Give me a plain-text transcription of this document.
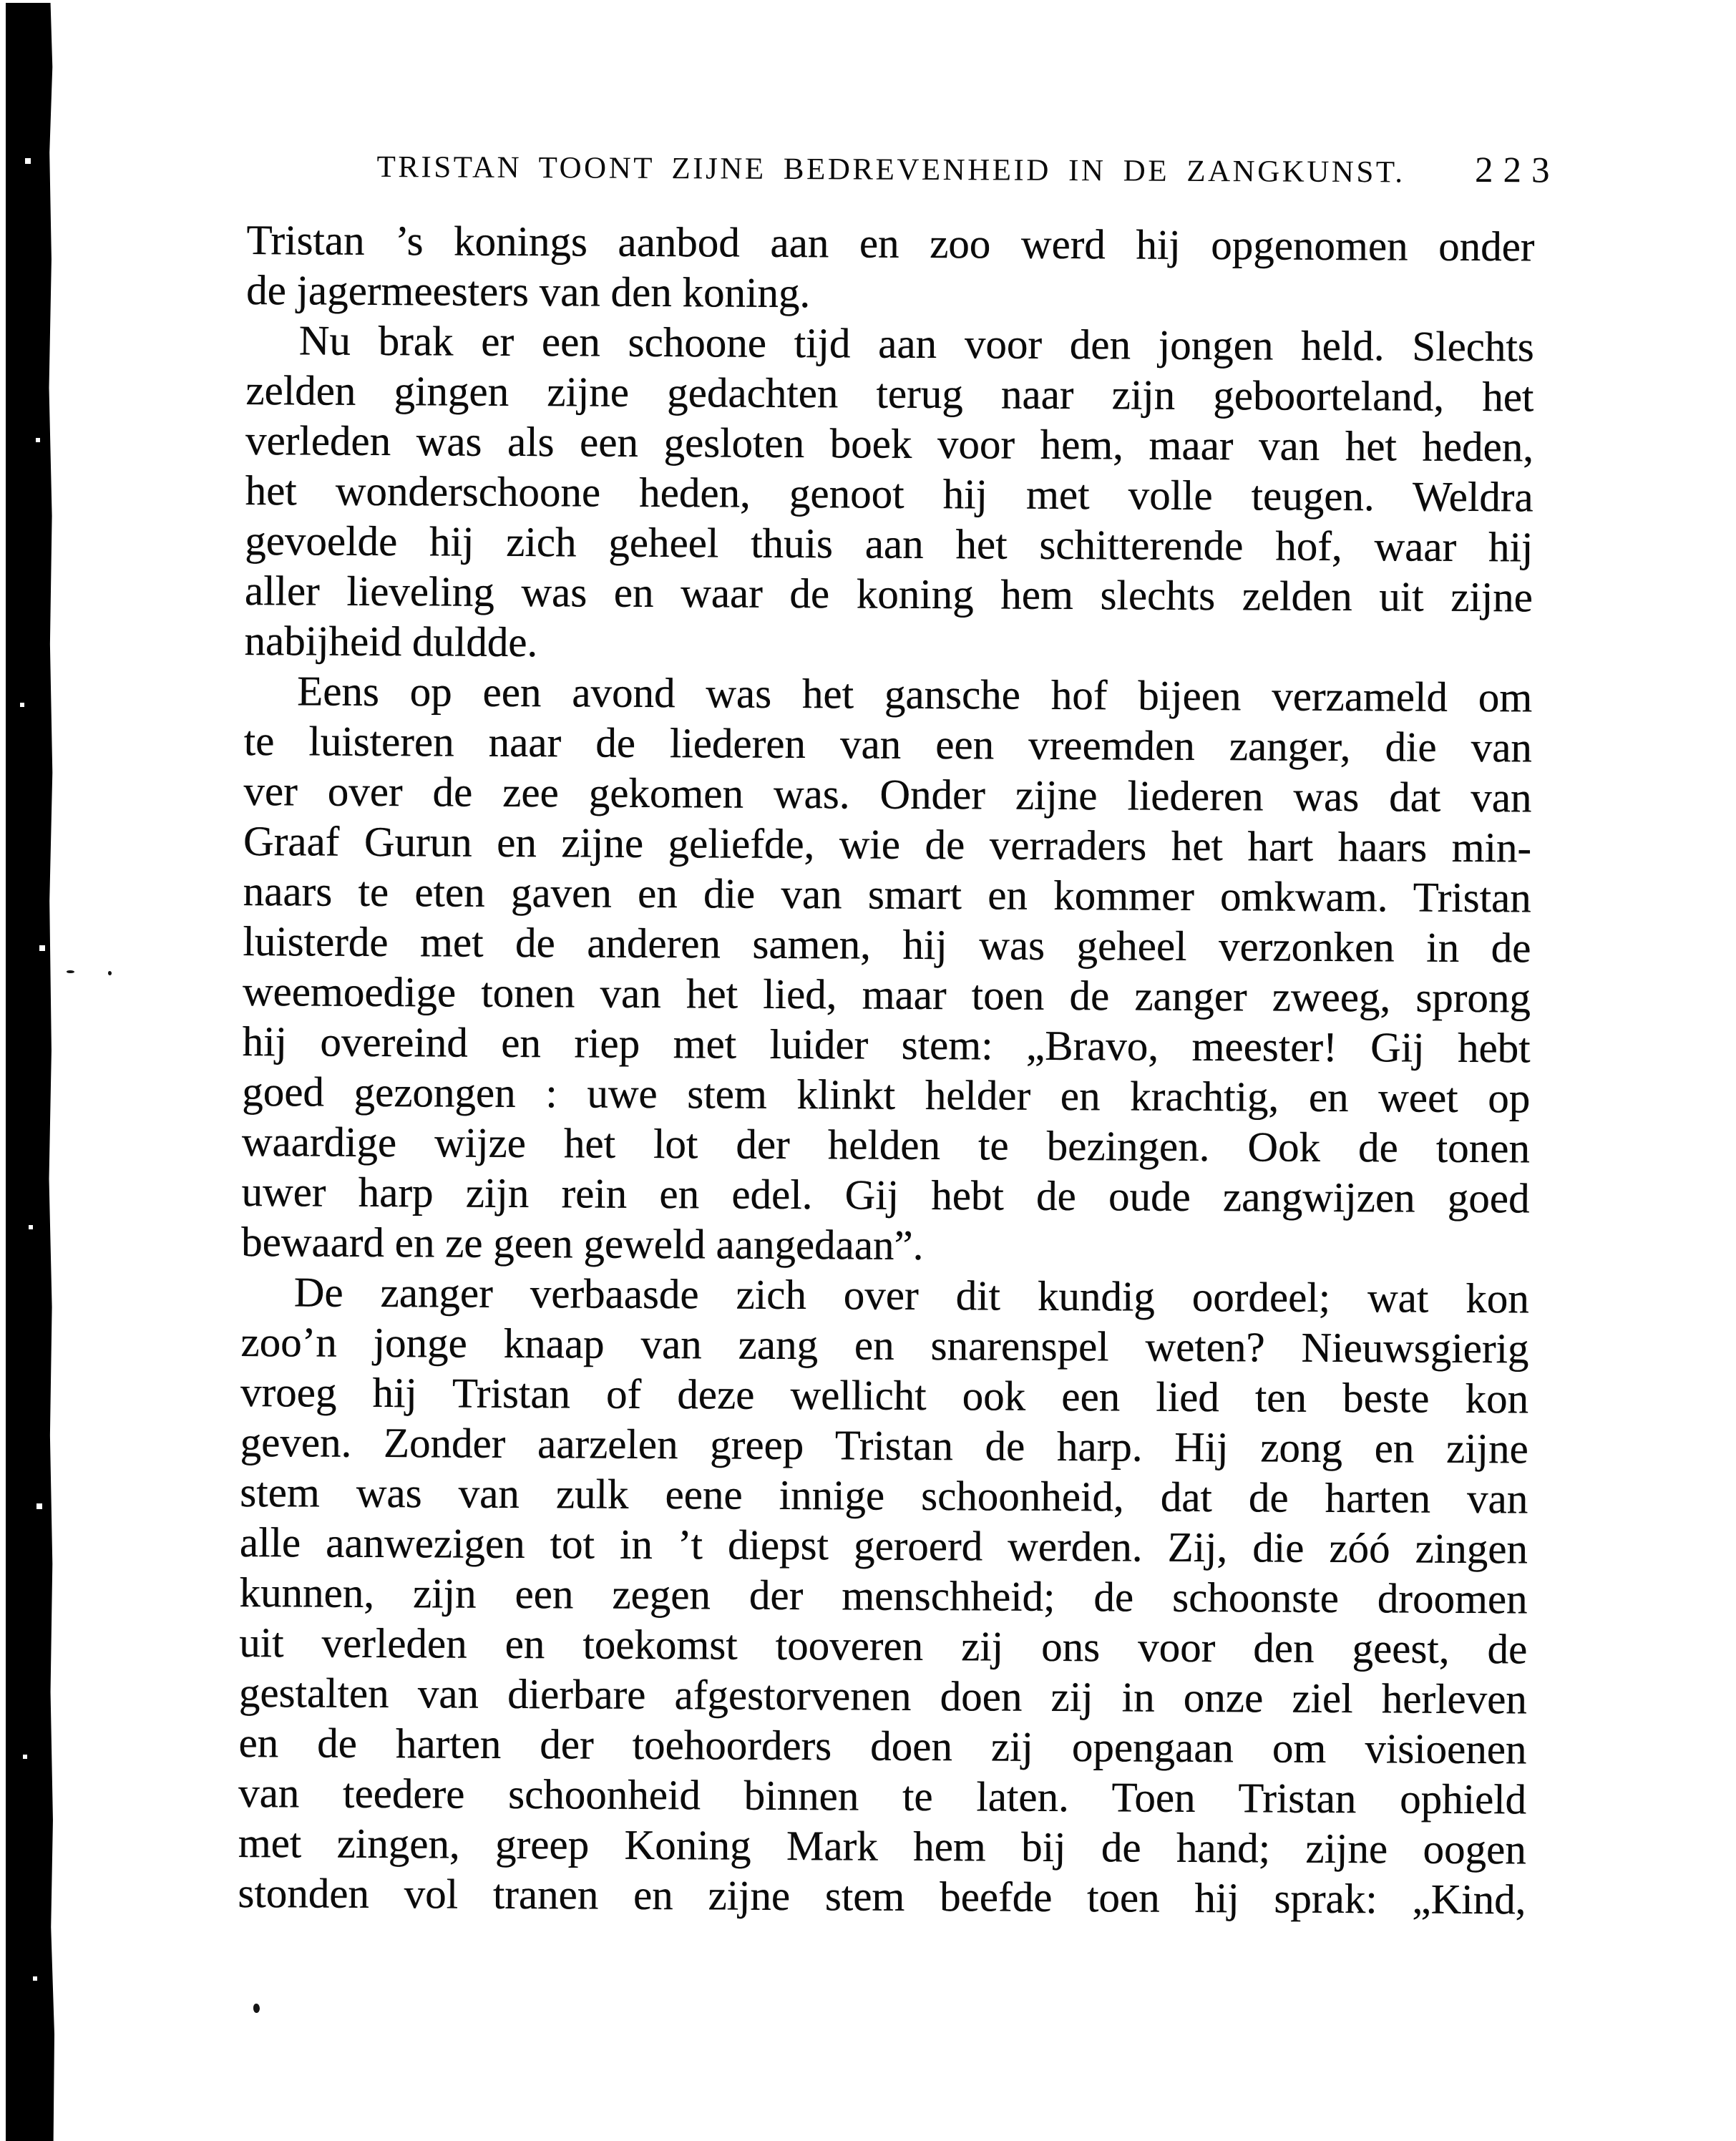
TRISTAN TOONT ZIJNE BEDREVENHEID IN DE ZANGKUNST. 223
Tristan ’s konings aanbod aan en zoo werd hij opgenomen onder
de jagermeesters van den koning.
Nu brak er een schoone tijd aan voor den jongen held. Slechts
zelden gingen zijne gedachten terug naar zijn geboorteland, het
verleden was als een gesloten boek voor hem, maar van het heden,
het wonderschoone heden, genoot hij met volle teugen. Weldra
gevoelde hij zich geheel thuis aan het schitterende hof, waar hij
aller lieveling was en waar de koning hem slechts zelden uit zijne
nabijheid duldde.
Eens op een avond was het gansche hof bijeen verzameld om
te luisteren naar de liederen van een vreemden zanger, die van
ver over de zee gekomen was. Onder zijne liederen was dat van
Graaf Gurun en zijne geliefde, wie de verraders het hart haars min-
naars te eten gaven en die van smart en kommer omkwam. Tristan
luisterde met de anderen samen, hij was geheel verzonken in de
weemoedige tonen van het lied, maar toen de zanger zweeg, sprong
hij overeind en riep met luider stem: „Bravo, meester! Gij hebt
goed gezongen : uwe stem klinkt helder en krachtig, en weet op
waardige wijze het lot der helden te bezingen. Ook de tonen
uwer harp zijn rein en edel. Gij hebt de oude zangwijzen goed
bewaard en ze geen geweld aangedaan”.
De zanger verbaasde zich over dit kundig oordeel; wat kon
zoo’n jonge knaap van zang en snarenspel weten? Nieuwsgierig
vroeg hij Tristan of deze wellicht ook een lied ten beste kon
geven. Zonder aarzelen greep Tristan de harp. Hij zong en zijne
stem was van zulk eene innige schoonheid, dat de harten van
alle aanwezigen tot in ’t diepst geroerd werden. Zij, die zóó zingen
kunnen, zijn een zegen der menschheid; de schoonste droomen
uit verleden en toekomst tooveren zij ons voor den geest, de
gestalten van dierbare afgestorvenen doen zij in onze ziel herleven
en de harten der toehoorders doen zij opengaan om visioenen
van teedere schoonheid binnen te laten. Toen Tristan ophield
met zingen, greep Koning Mark hem bij de hand; zijne oogen
stonden vol tranen en zijne stem beefde toen hij sprak: „Kind,
